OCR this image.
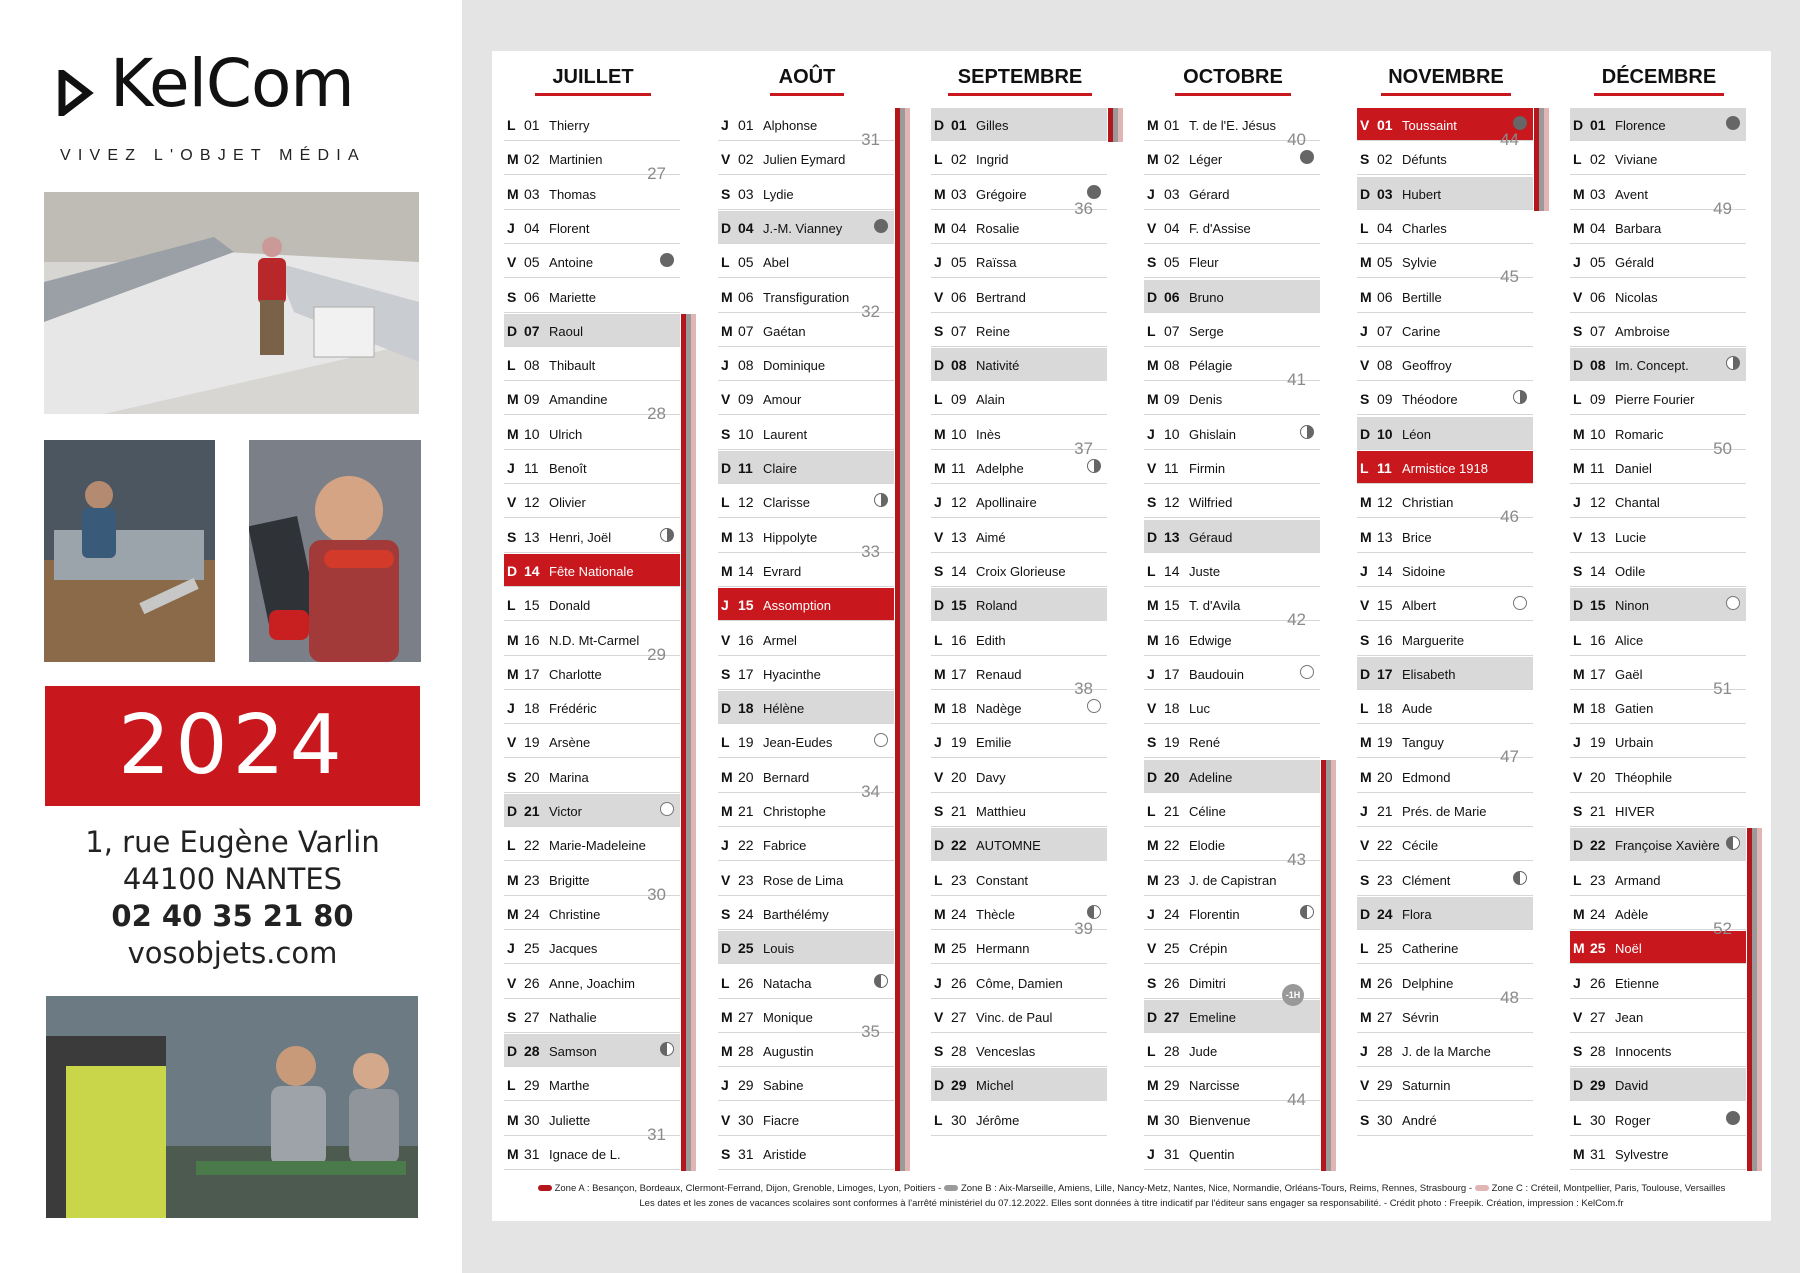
KelCom
VIVEZ L'OBJET MÉDIA
2024
1, rue Eugène Varlin
44100 NANTES
02 40 35 21 80
vosobjets.com
JUILLET
L 01 Thierry
M 02 Martinien
M 03 Thomas
J 04 Florent
V 05 Antoine
S 06 Mariette
D 07 Raoul
L 08 Thibault
M 09 Amandine
M 10 Ulrich
J 11 Benoît
V 12 Olivier
S 13 Henri, Joël
D 14 Fête Nationale
L 15 Donald
M 16 N.D. Mt-Carmel
M 17 Charlotte
J 18 Frédéric
V 19 Arsène
S 20 Marina
D 21 Victor
L 22 Marie-Madeleine
M 23 Brigitte
M 24 Christine
J 25 Jacques
V 26 Anne, Joachim
S 27 Nathalie
D 28 Samson
L 29 Marthe
M 30 Juliette
M 31 Ignace de L.
27
28
29
30
31
AOÛT
J 01 Alphonse
V 02 Julien Eymard
S 03 Lydie
D 04 J.-M. Vianney
L 05 Abel
M 06 Transfiguration
M 07 Gaétan
J 08 Dominique
V 09 Amour
S 10 Laurent
D 11 Claire
L 12 Clarisse
M 13 Hippolyte
M 14 Evrard
J 15 Assomption
V 16 Armel
S 17 Hyacinthe
D 18 Hélène
L 19 Jean-Eudes
M 20 Bernard
M 21 Christophe
J 22 Fabrice
V 23 Rose de Lima
S 24 Barthélémy
D 25 Louis
L 26 Natacha
M 27 Monique
M 28 Augustin
J 29 Sabine
V 30 Fiacre
S 31 Aristide
31
32
33
34
35
SEPTEMBRE
D 01 Gilles
L 02 Ingrid
M 03 Grégoire
M 04 Rosalie
J 05 Raïssa
V 06 Bertrand
S 07 Reine
D 08 Nativité
L 09 Alain
M 10 Inès
M 11 Adelphe
J 12 Apollinaire
V 13 Aimé
S 14 Croix Glorieuse
D 15 Roland
L 16 Edith
M 17 Renaud
M 18 Nadège
J 19 Emilie
V 20 Davy
S 21 Matthieu
D 22 AUTOMNE
L 23 Constant
M 24 Thècle
M 25 Hermann
J 26 Côme, Damien
V 27 Vinc. de Paul
S 28 Venceslas
D 29 Michel
L 30 Jérôme
36
37
38
39
OCTOBRE
M 01 T. de l'E. Jésus
M 02 Léger
J 03 Gérard
V 04 F. d'Assise
S 05 Fleur
D 06 Bruno
L 07 Serge
M 08 Pélagie
M 09 Denis
J 10 Ghislain
V 11 Firmin
S 12 Wilfried
D 13 Géraud
L 14 Juste
M 15 T. d'Avila
M 16 Edwige
J 17 Baudouin
V 18 Luc
S 19 René
D 20 Adeline
L 21 Céline
M 22 Elodie
M 23 J. de Capistran
J 24 Florentin
V 25 Crépin
S 26 Dimitri
D 27 Emeline
-1H
L 28 Jude
M 29 Narcisse
M 30 Bienvenue
J 31 Quentin
40
41
42
43
44
NOVEMBRE
V 01 Toussaint
S 02 Défunts
D 03 Hubert
L 04 Charles
M 05 Sylvie
M 06 Bertille
J 07 Carine
V 08 Geoffroy
S 09 Théodore
D 10 Léon
L 11 Armistice 1918
M 12 Christian
M 13 Brice
J 14 Sidoine
V 15 Albert
S 16 Marguerite
D 17 Elisabeth
L 18 Aude
M 19 Tanguy
M 20 Edmond
J 21 Prés. de Marie
V 22 Cécile
S 23 Clément
D 24 Flora
L 25 Catherine
M 26 Delphine
M 27 Sévrin
J 28 J. de la Marche
V 29 Saturnin
S 30 André
44
45
46
47
48
DÉCEMBRE
D 01 Florence
L 02 Viviane
M 03 Avent
M 04 Barbara
J 05 Gérald
V 06 Nicolas
S 07 Ambroise
D 08 Im. Concept.
L 09 Pierre Fourier
M 10 Romaric
M 11 Daniel
J 12 Chantal
V 13 Lucie
S 14 Odile
D 15 Ninon
L 16 Alice
M 17 Gaël
M 18 Gatien
J 19 Urbain
V 20 Théophile
S 21 HIVER
D 22 Françoise Xavière
L 23 Armand
M 24 Adèle
M 25 Noël
J 26 Etienne
V 27 Jean
S 28 Innocents
D 29 David
L 30 Roger
M 31 Sylvestre
49
50
51
52
Zone A : Besançon, Bordeaux, Clermont-Ferrand, Dijon, Grenoble, Limoges, Lyon, Poitiers - Zone B : Aix-Marseille, Amiens, Lille, Nancy-Metz, Nantes, Nice, Normandie, Orléans-Tours, Reims, Rennes, Strasbourg - Zone C : Créteil, Montpellier, Paris, Toulouse, Versailles
Les dates et les zones de vacances scolaires sont conformes à l'arrêté ministériel du 07.12.2022. Elles sont données à titre indicatif par l'éditeur sans engager sa responsabilité. - Crédit photo : Freepik. Création, impression : KelCom.fr
